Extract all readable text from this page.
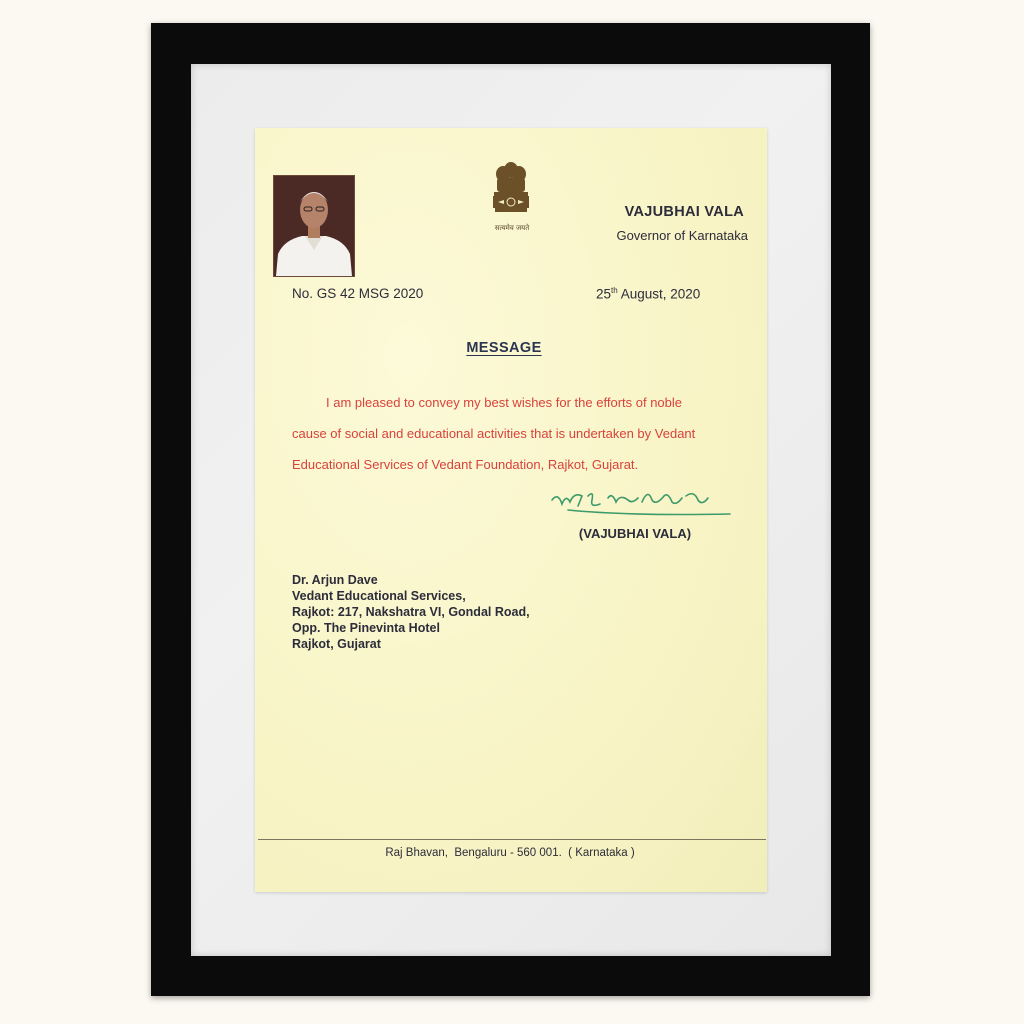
सत्यमेव जयते
VAJUBHAI VALA
Governor of Karnataka
No. GS 42 MSG 2020	25th August, 2020
MESSAGE
I am pleased to convey my best wishes for the efforts of noble
cause of social and educational activities that is undertaken by Vedant
Educational Services of Vedant Foundation, Rajkot, Gujarat.
(VAJUBHAI VALA)
Dr. Arjun Dave
Vedant Educational Services,
Rajkot: 217, Nakshatra VI, Gondal Road,
Opp. The Pinevinta Hotel
Rajkot, Gujarat
Raj Bhavan,  Bengaluru - 560 001.  ( Karnataka )
